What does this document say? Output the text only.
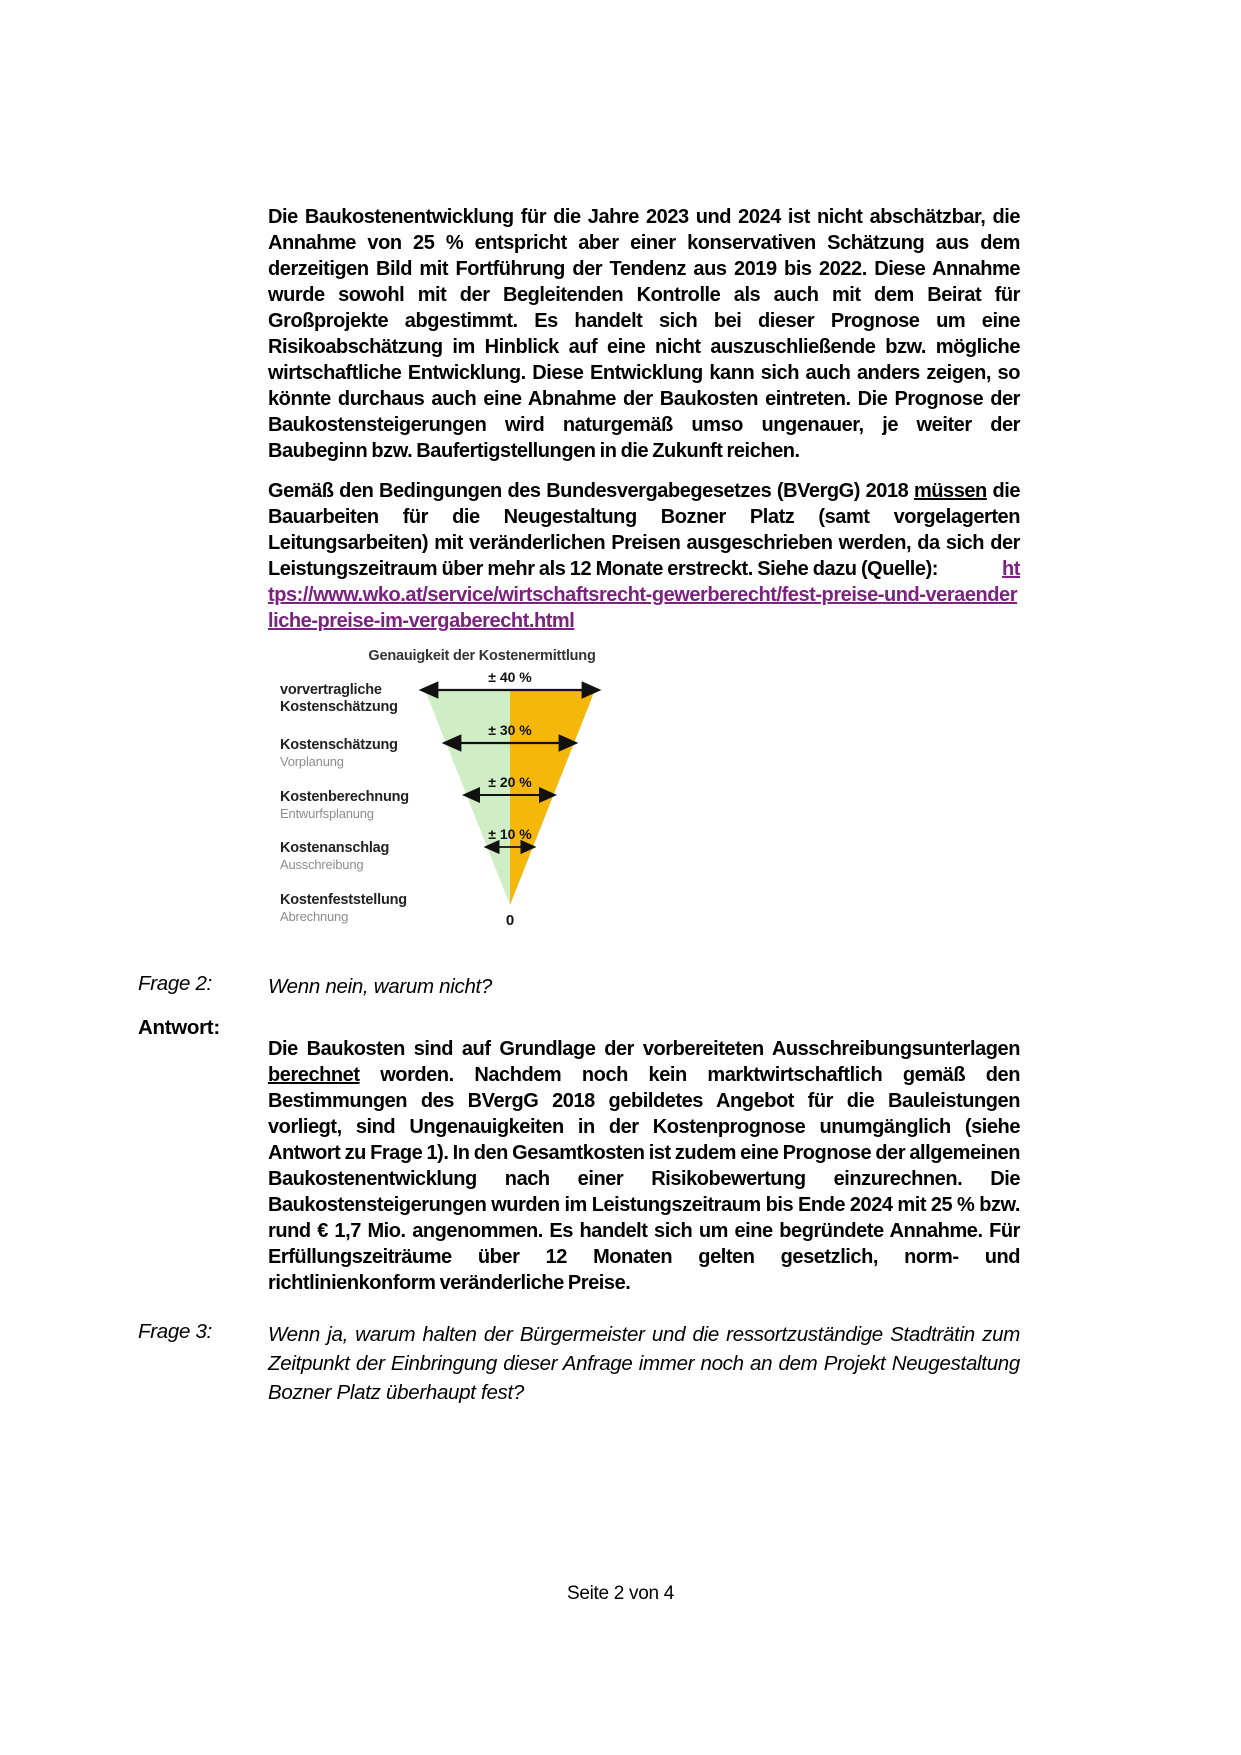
Die Baukostenentwicklung für die Jahre 2023 und 2024 ist nicht abschätzbar, die Annahme von 25 % entspricht aber einer konservativen Schätzung aus dem derzeitigen Bild mit Fortführung der Tendenz aus 2019 bis 2022. Diese Annahme wurde sowohl mit der Begleitenden Kontrolle als auch mit dem Beirat für Großprojekte abgestimmt. Es handelt sich bei dieser Prognose um eine Risikoabschätzung im Hinblick auf eine nicht auszuschließende bzw. mögliche wirtschaftliche Entwicklung. Diese Entwicklung kann sich auch anders zeigen, so könnte durchaus auch eine Abnahme der Baukosten eintreten. Die Prognose der Baukostensteigerungen wird naturgemäß umso ungenauer, je weiter der Baubeginn bzw. Baufertigstellungen in die Zukunft reichen.

Gemäß den Bedingungen des Bundesvergabegesetzes (BVergG) 2018 müssen die Bauarbeiten für die Neugestaltung Bozner Platz (samt vorgelagerten Leitungsarbeiten) mit veränderlichen Preisen ausgeschrieben werden, da sich der Leistungszeitraum über mehr als 12 Monate erstreckt. Siehe dazu (Quelle):	https://www.wko.at/service/wirtschaftsrecht-gewerberecht/fest-preise-und-veraenderliche-preise-im-vergaberecht.html

Genauigkeit der Kostenermittlung
± 40 %
± 30 %
± 20 %
± 10 %
0
vorvertragliche Kostenschätzung
Kostenschätzung
Vorplanung
Kostenberechnung
Entwurfsplanung
Kostenanschlag
Ausschreibung
Kostenfeststellung
Abrechnung
Frage 2:	Wenn nein, warum nicht?
Antwort:

Die Baukosten sind auf Grundlage der vorbereiteten Ausschreibungsunterlagen berechnet worden. Nachdem noch kein marktwirtschaftlich gemäß den Bestimmungen des BVergG 2018 gebildetes Angebot für die Bauleistungen vorliegt, sind Ungenauigkeiten in der Kostenprognose unumgänglich (siehe Antwort zu Frage 1). In den Gesamtkosten ist zudem eine Prognose der allgemeinen Baukostenentwicklung nach einer Risikobewertung einzurechnen. Die Baukostensteigerungen wurden im Leistungszeitraum bis Ende 2024 mit 25 % bzw. rund € 1,7 Mio. angenommen. Es handelt sich um eine begründete Annahme. Für Erfüllungszeiträume über 12 Monaten gelten gesetzlich, norm- und richtlinienkonform veränderliche Preise.

Frage 3:	Wenn ja, warum halten der Bürgermeister und die ressortzuständige Stadträtin zum Zeitpunkt der Einbringung dieser Anfrage immer noch an dem Projekt Neugestaltung Bozner Platz überhaupt fest?
Seite 2 von 4
